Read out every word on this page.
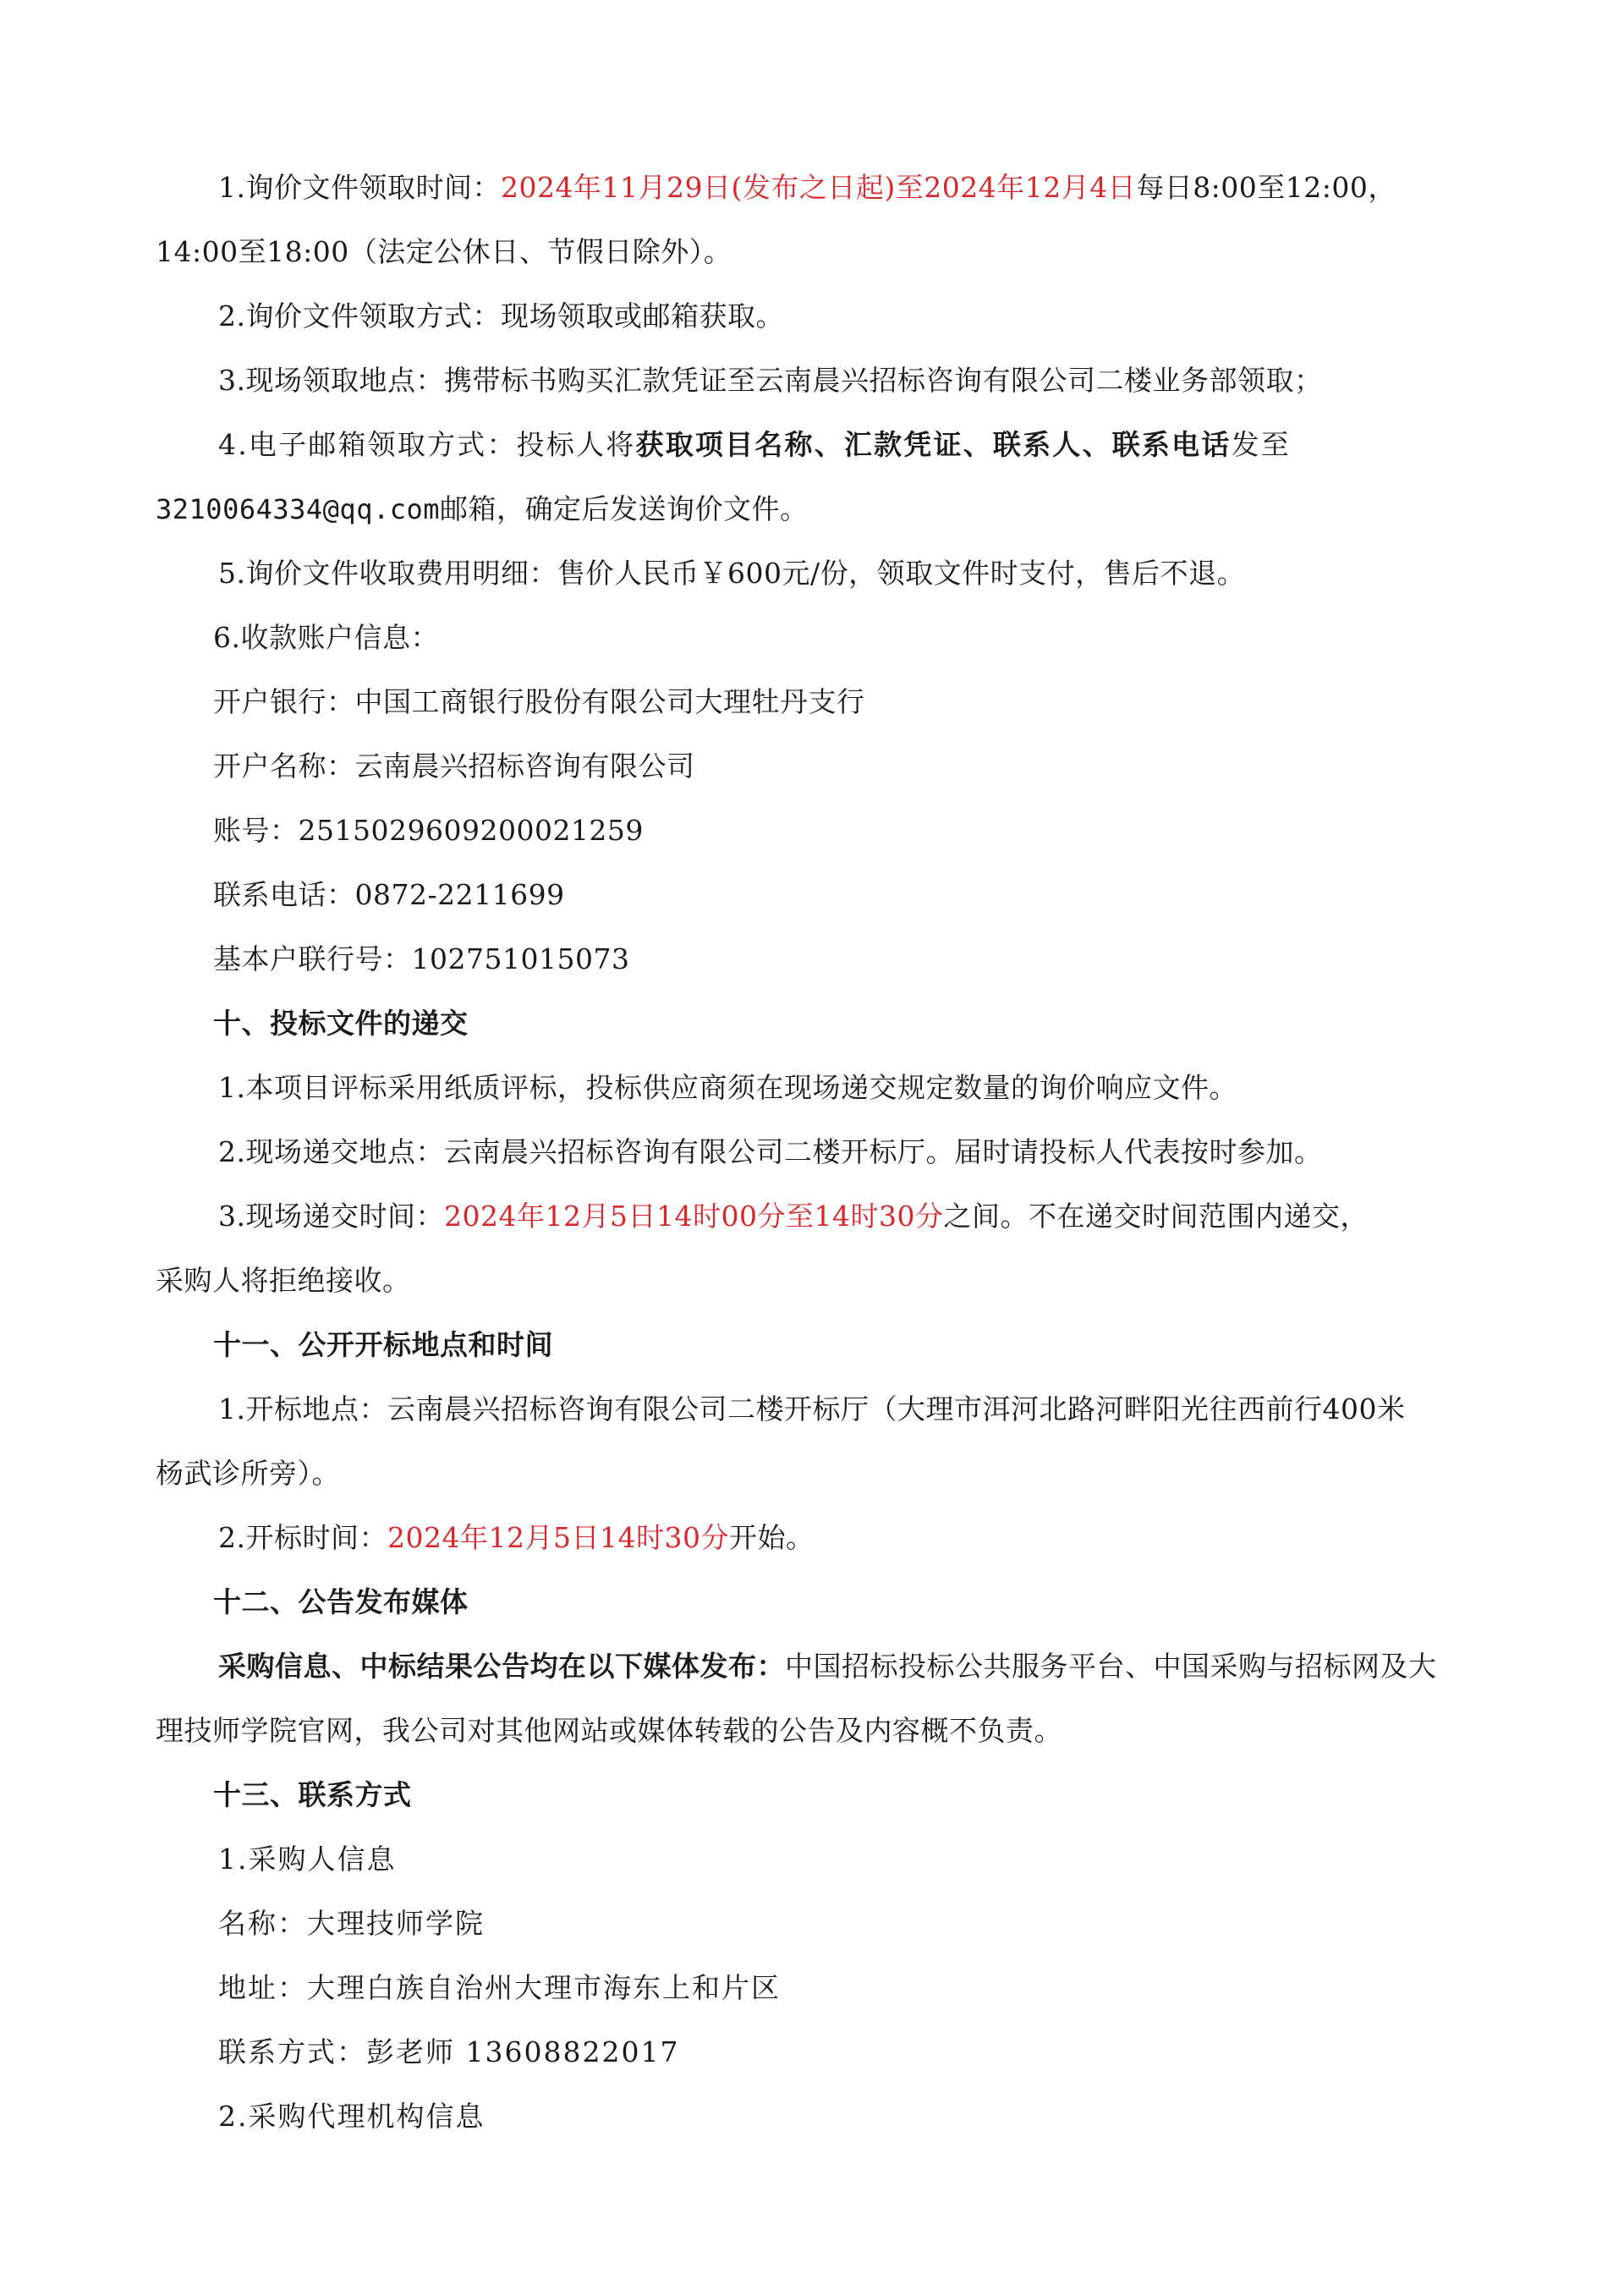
1.询价文件领取时间：2024年11月29日(发布之日起)至2024年12月4日每日8:00至12:00，
14:00至18:00（法定公休日、节假日除外）。
2.询价文件领取方式：现场领取或邮箱获取。
3.现场领取地点：携带标书购买汇款凭证至云南晨兴招标咨询有限公司二楼业务部领取；
4.电子邮箱领取方式：投标人将获取项目名称、汇款凭证、联系人、联系电话发至
3210064334@qq.com邮箱，确定后发送询价文件。
5.询价文件收取费用明细：售价人民币￥600元/份，领取文件时支付，售后不退。
6.收款账户信息：
开户银行：中国工商银行股份有限公司大理牡丹支行
开户名称：云南晨兴招标咨询有限公司
账号：2515029609200021259
联系电话：0872-2211699
基本户联行号：102751015073
十、投标文件的递交
1.本项目评标采用纸质评标，投标供应商须在现场递交规定数量的询价响应文件。
2.现场递交地点：云南晨兴招标咨询有限公司二楼开标厅。届时请投标人代表按时参加。
3.现场递交时间：2024年12月5日14时00分至14时30分之间。不在递交时间范围内递交，
采购人将拒绝接收。
十一、公开开标地点和时间
1.开标地点：云南晨兴招标咨询有限公司二楼开标厅（大理市洱河北路河畔阳光往西前行400米
杨武诊所旁）。
2.开标时间：2024年12月5日14时30分开始。
十二、公告发布媒体
采购信息、中标结果公告均在以下媒体发布：中国招标投标公共服务平台、中国采购与招标网及大
理技师学院官网，我公司对其他网站或媒体转载的公告及内容概不负责。
十三、联系方式
1.采购人信息
名称：大理技师学院
地址：大理白族自治州大理市海东上和片区
联系方式：彭老师 13608822017
2.采购代理机构信息
